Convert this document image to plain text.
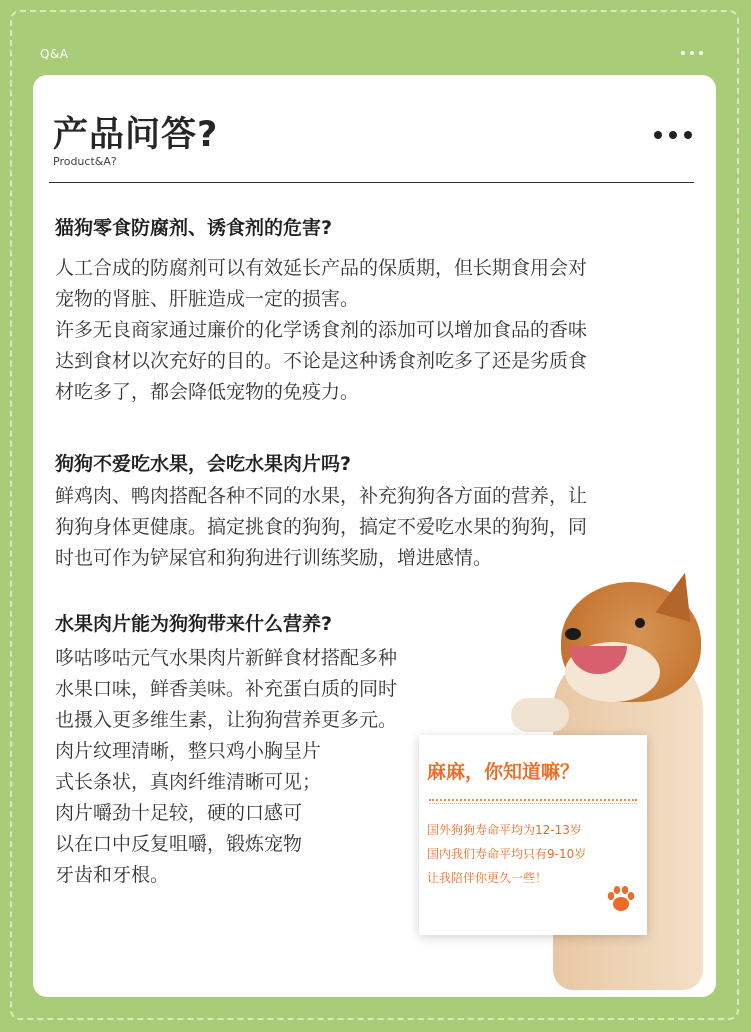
Q&A
产品问答?
Product&A?
猫狗零食防腐剂、诱食剂的危害?

人工合成的防腐剂可以有效延长产品的保质期，但长期食用会对

宠物的肾脏、肝脏造成一定的损害。

许多无良商家通过廉价的化学诱食剂的添加可以增加食品的香味

达到食材以次充好的目的。不论是这种诱食剂吃多了还是劣质食

材吃多了，都会降低宠物的免疫力。

狗狗不爱吃水果，会吃水果肉片吗?

鲜鸡肉、鸭肉搭配各种不同的水果，补充狗狗各方面的营养，让

狗狗身体更健康。搞定挑食的狗狗，搞定不爱吃水果的狗狗，同

时也可作为铲屎官和狗狗进行训练奖励，增进感情。

水果肉片能为狗狗带来什么营养?

哆咕哆咕元气水果肉片新鲜食材搭配多种

水果口味，鲜香美味。补充蛋白质的同时

也摄入更多维生素，让狗狗营养更多元。

肉片纹理清晰，整只鸡小胸呈片

式长条状，真肉纤维清晰可见；

肉片嚼劲十足较，硬的口感可

以在口中反复咀嚼，锻炼宠物

牙齿和牙根。

麻麻，你知道嘛？
国外狗狗寿命平均为12-13岁
国内我们寿命平均只有9-10岁
让我陪伴你更久一些！
